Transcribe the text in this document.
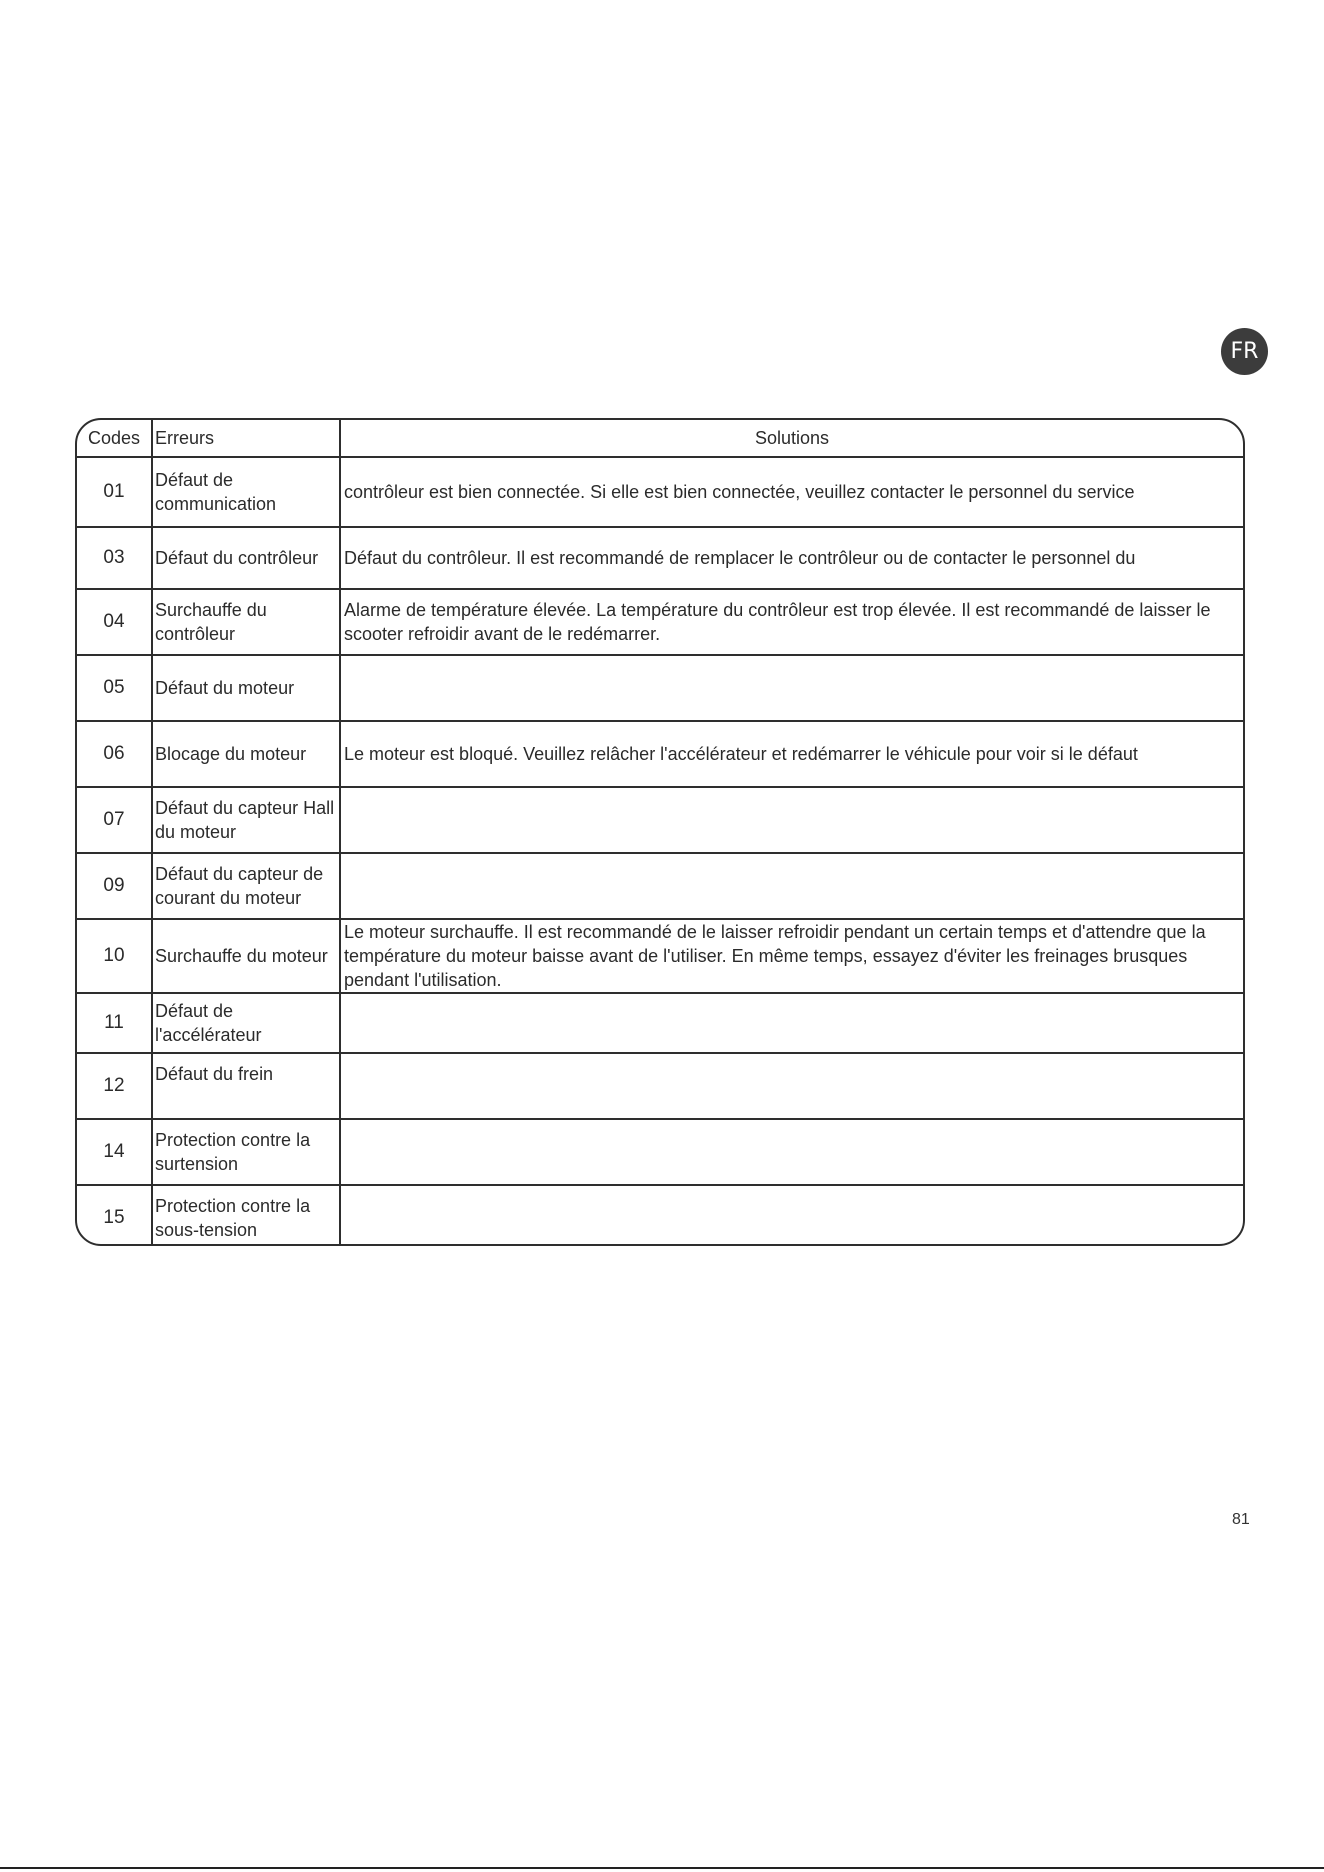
FR
Codes	Erreurs	Solutions
01	Défaut de communication	contrôleur est bien connectée. Si elle est bien connectée, veuillez contacter le personnel du service
03	Défaut du contrôleur	Défaut du contrôleur. Il est recommandé de remplacer le contrôleur ou de contacter le personnel du
04	Surchauffe du contrôleur	Alarme de température élevée. La température du contrôleur est trop élevée. Il est recommandé de laisser le scooter refroidir avant de le redémarrer.
05	Défaut du moteur	
06	Blocage du moteur	Le moteur est bloqué. Veuillez relâcher l'accélérateur et redémarrer le véhicule pour voir si le défaut
07	Défaut du capteur Hall du moteur	
09	Défaut du capteur de courant du moteur	
10	Surchauffe du moteur	Le moteur surchauffe. Il est recommandé de le laisser refroidir pendant un certain temps et d'attendre que la température du moteur baisse avant de l'utiliser. En même temps, essayez d'éviter les freinages brusques pendant l'utilisation.
11	Défaut de l'accélérateur	
12	Défaut du frein	
14	Protection contre la surtension	
15	Protection contre la sous-tension	
81
